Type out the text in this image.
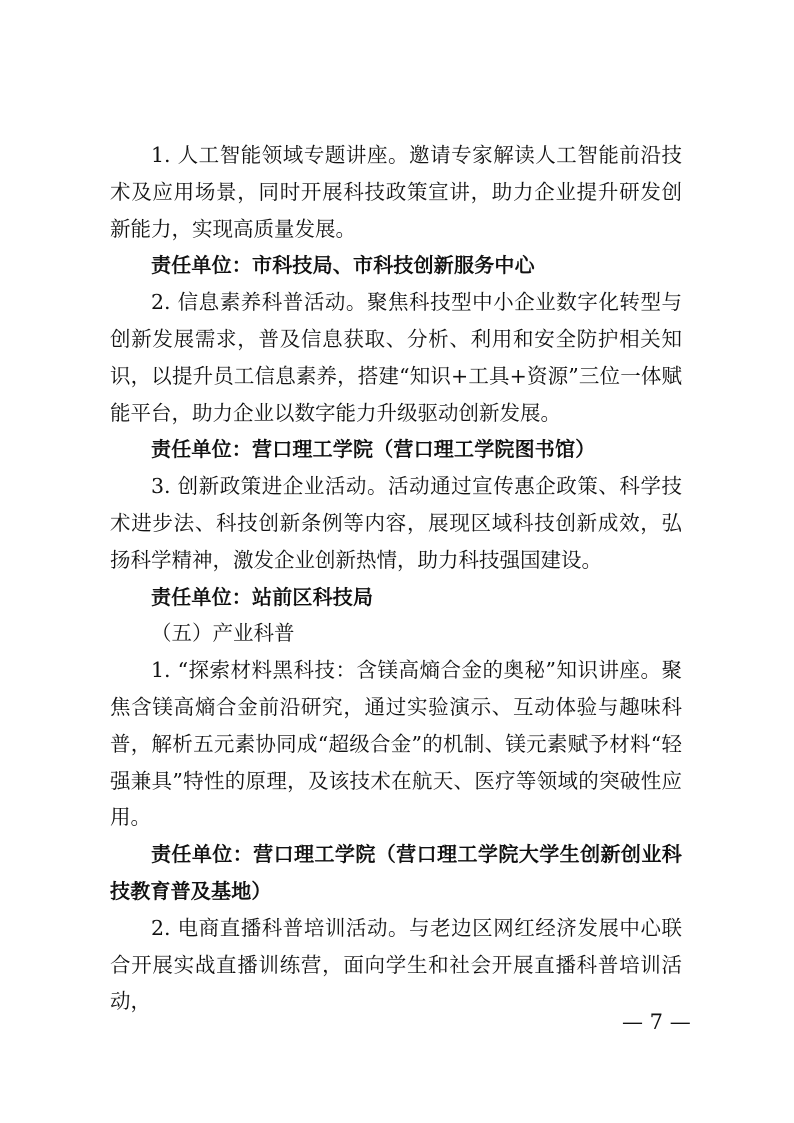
1. 人工智能领域专题讲座。邀请专家解读人工智能前沿技术及应用场景，同时开展科技政策宣讲，助力企业提升研发创新能力，实现高质量发展。

责任单位：市科技局、市科技创新服务中心

2. 信息素养科普活动。聚焦科技型中小企业数字化转型与创新发展需求，普及信息获取、分析、利用和安全防护相关知识，以提升员工信息素养，搭建“知识+工具+资源”三位一体赋能平台，助力企业以数字能力升级驱动创新发展。

责任单位：营口理工学院（营口理工学院图书馆）

3. 创新政策进企业活动。活动通过宣传惠企政策、科学技术进步法、科技创新条例等内容，展现区域科技创新成效，弘扬科学精神，激发企业创新热情，助力科技强国建设。

责任单位：站前区科技局

（五）产业科普

1. “探索材料黑科技：含镁高熵合金的奥秘”知识讲座。聚焦含镁高熵合金前沿研究，通过实验演示、互动体验与趣味科普，解析五元素协同成“超级合金”的机制、镁元素赋予材料“轻强兼具”特性的原理，及该技术在航天、医疗等领域的突破性应用。

责任单位：营口理工学院（营口理工学院大学生创新创业科技教育普及基地）

2. 电商直播科普培训活动。与老边区网红经济发展中心联合开展实战直播训练营，面向学生和社会开展直播科普培训活动，

— 7 —
